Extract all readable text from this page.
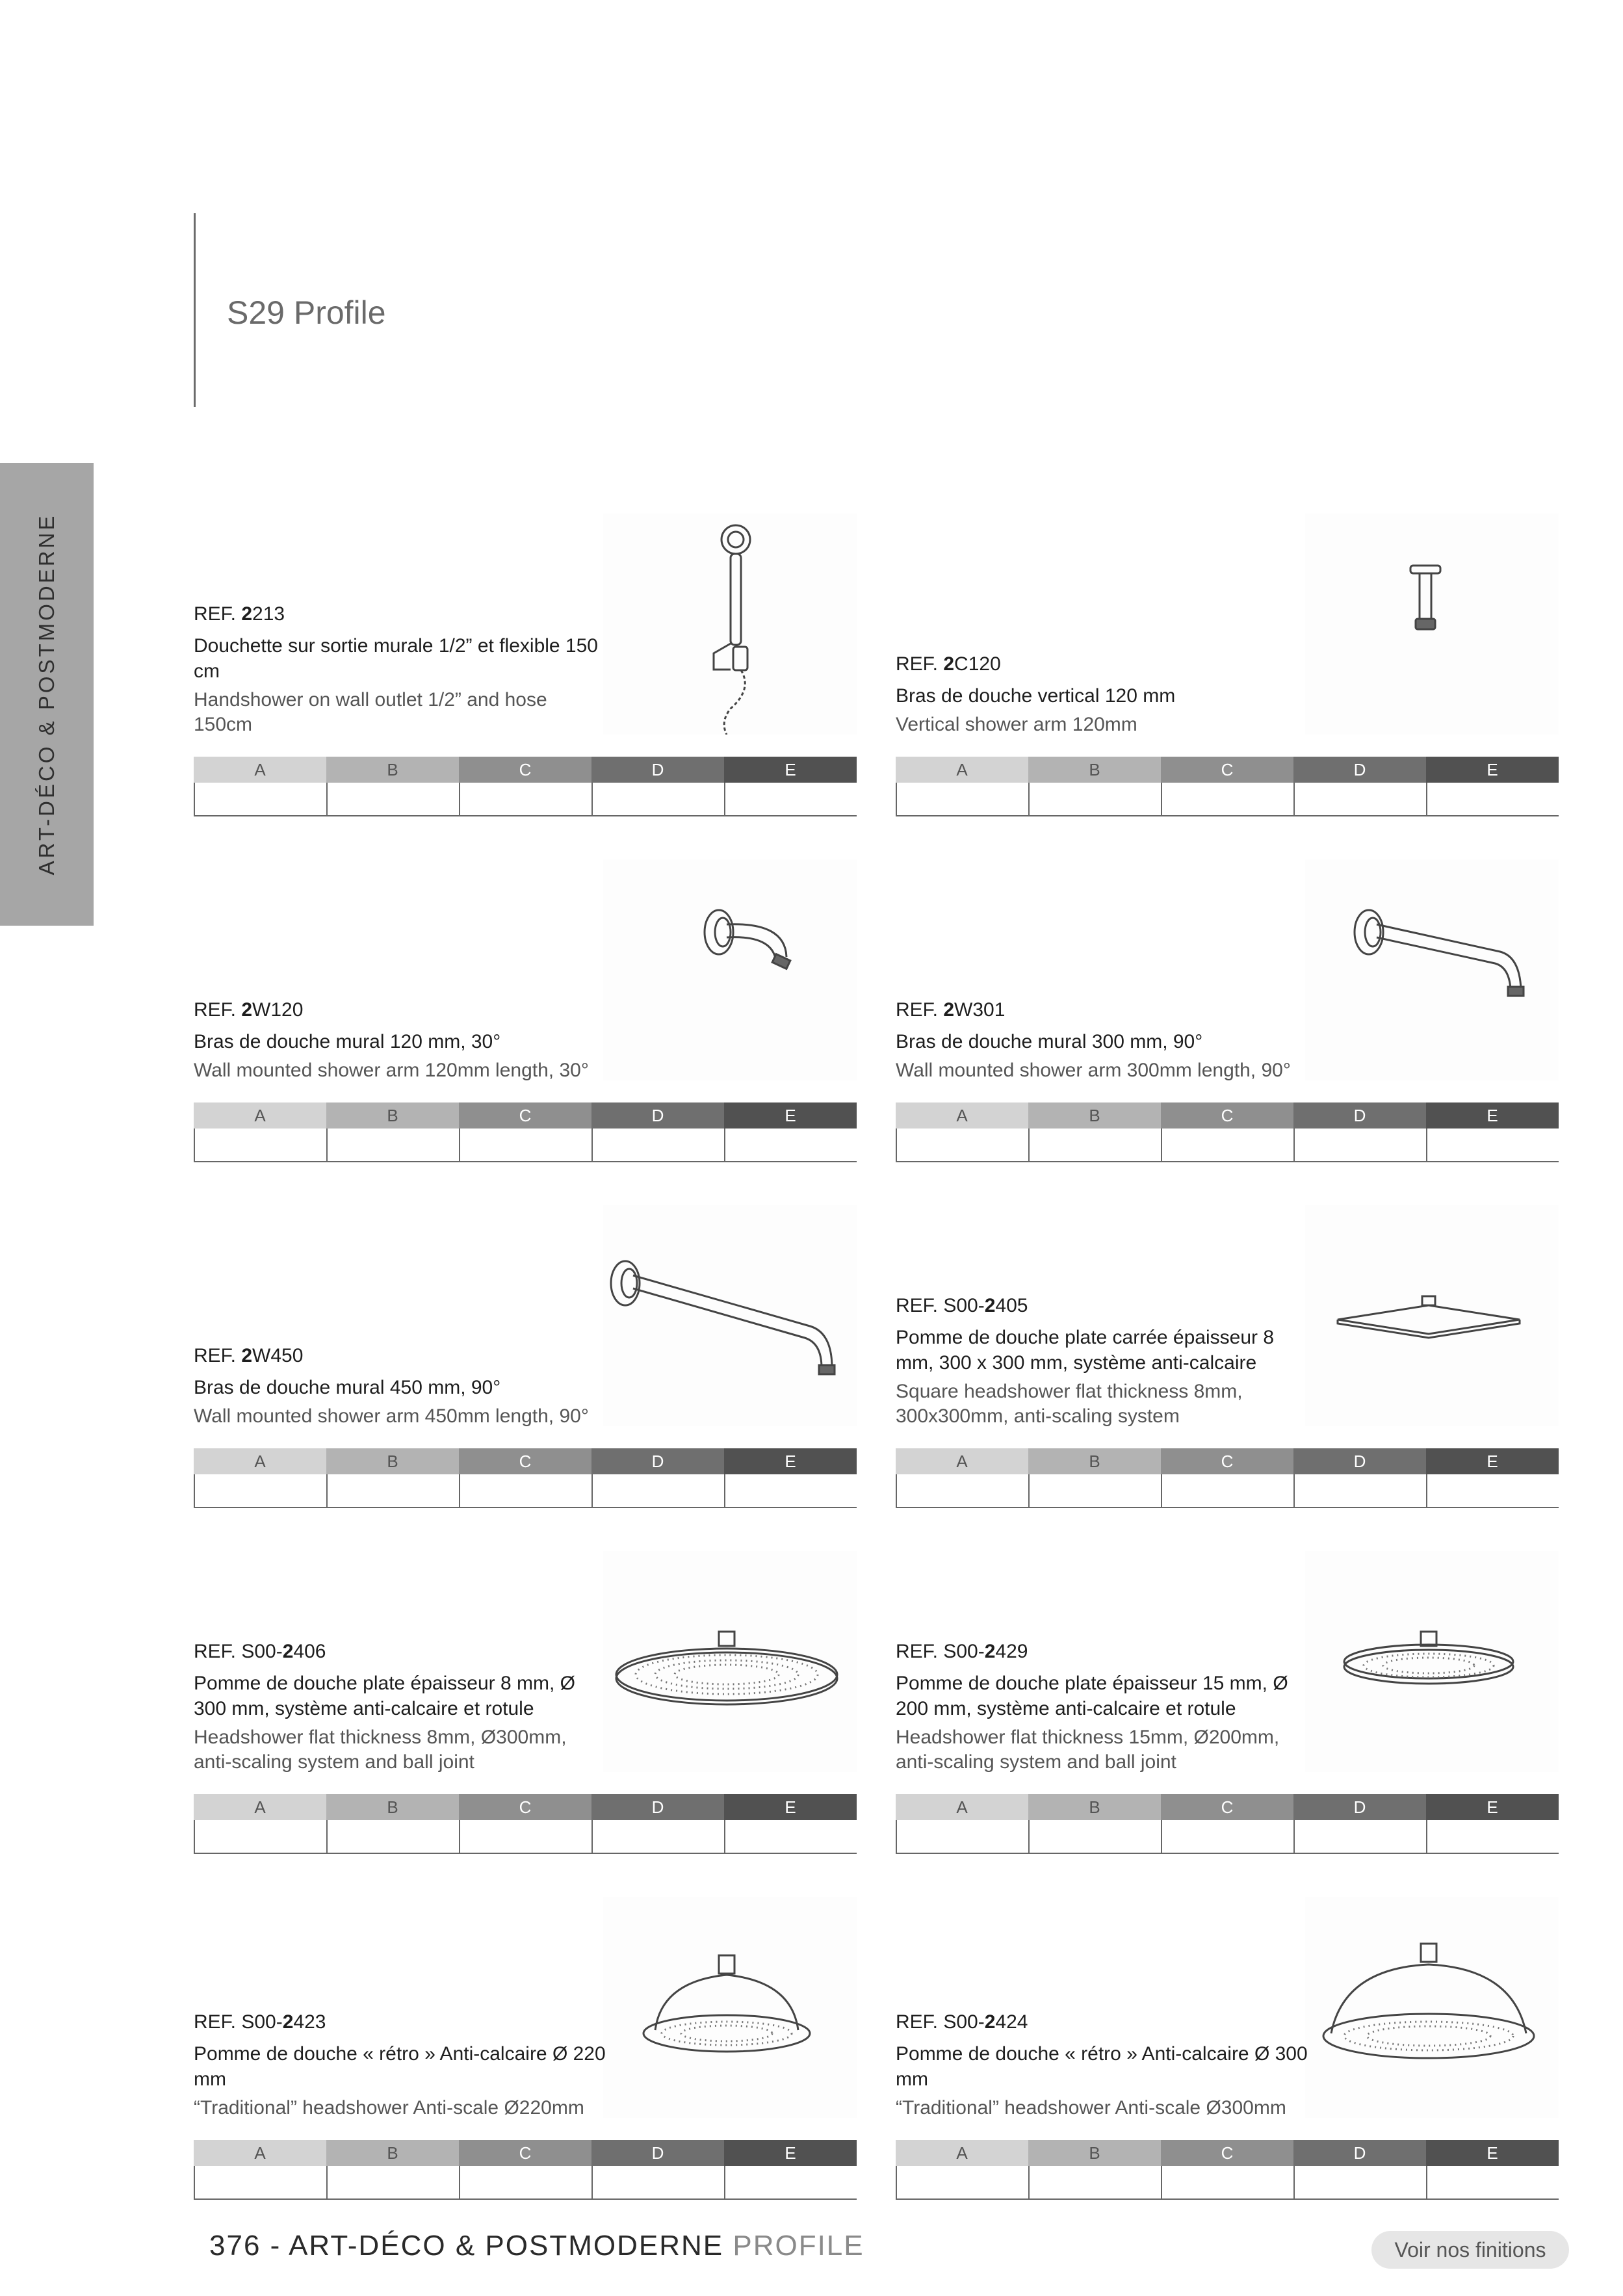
S29 Profile
ART-DÉCO & POSTMODERNE	REF. 2213
Douchette sur sortie murale 1/2” et flexible 150 cm
Handshower on wall outlet 1/2” and hose 150cm
A	B	C	D	E
REF. 2C120
Bras de douche vertical 120 mm
Vertical shower arm 120mm
A	B	C	D	E
REF. 2W120
Bras de douche mural 120 mm, 30°
Wall mounted shower arm 120mm length, 30°
A	B	C	D	E
REF. 2W301
Bras de douche mural 300 mm, 90°
Wall mounted shower arm 300mm length, 90°
A	B	C	D	E
REF. 2W450
Bras de douche mural 450 mm, 90°
Wall mounted shower arm 450mm length, 90°
A	B	C	D	E
REF. S00-2405
Pomme de douche plate carrée épaisseur 8 mm, 300 x 300 mm, système anti-calcaire
Square headshower flat thickness 8mm, 300x300mm, anti-scaling system
A	B	C	D	E
REF. S00-2406
Pomme de douche plate épaisseur 8 mm, Ø 300 mm, système anti-calcaire et rotule
Headshower flat thickness 8mm, Ø300mm, anti-scaling system and ball joint
A	B	C	D	E
REF. S00-2429
Pomme de douche plate épaisseur 15 mm, Ø 200 mm, système anti-calcaire et rotule
Headshower flat thickness 15mm, Ø200mm, anti-scaling system and ball joint
A	B	C	D	E
REF. S00-2423
Pomme de douche « rétro » Anti-calcaire Ø 220 mm
“Traditional” headshower Anti-scale Ø220mm
A	B	C	D	E
REF. S00-2424
Pomme de douche « rétro » Anti-calcaire Ø 300 mm
“Traditional” headshower Anti-scale Ø300mm
A	B	C	D	E
376 - ART-DÉCO & POSTMODERNE PROFILE	Voir nos finitions
